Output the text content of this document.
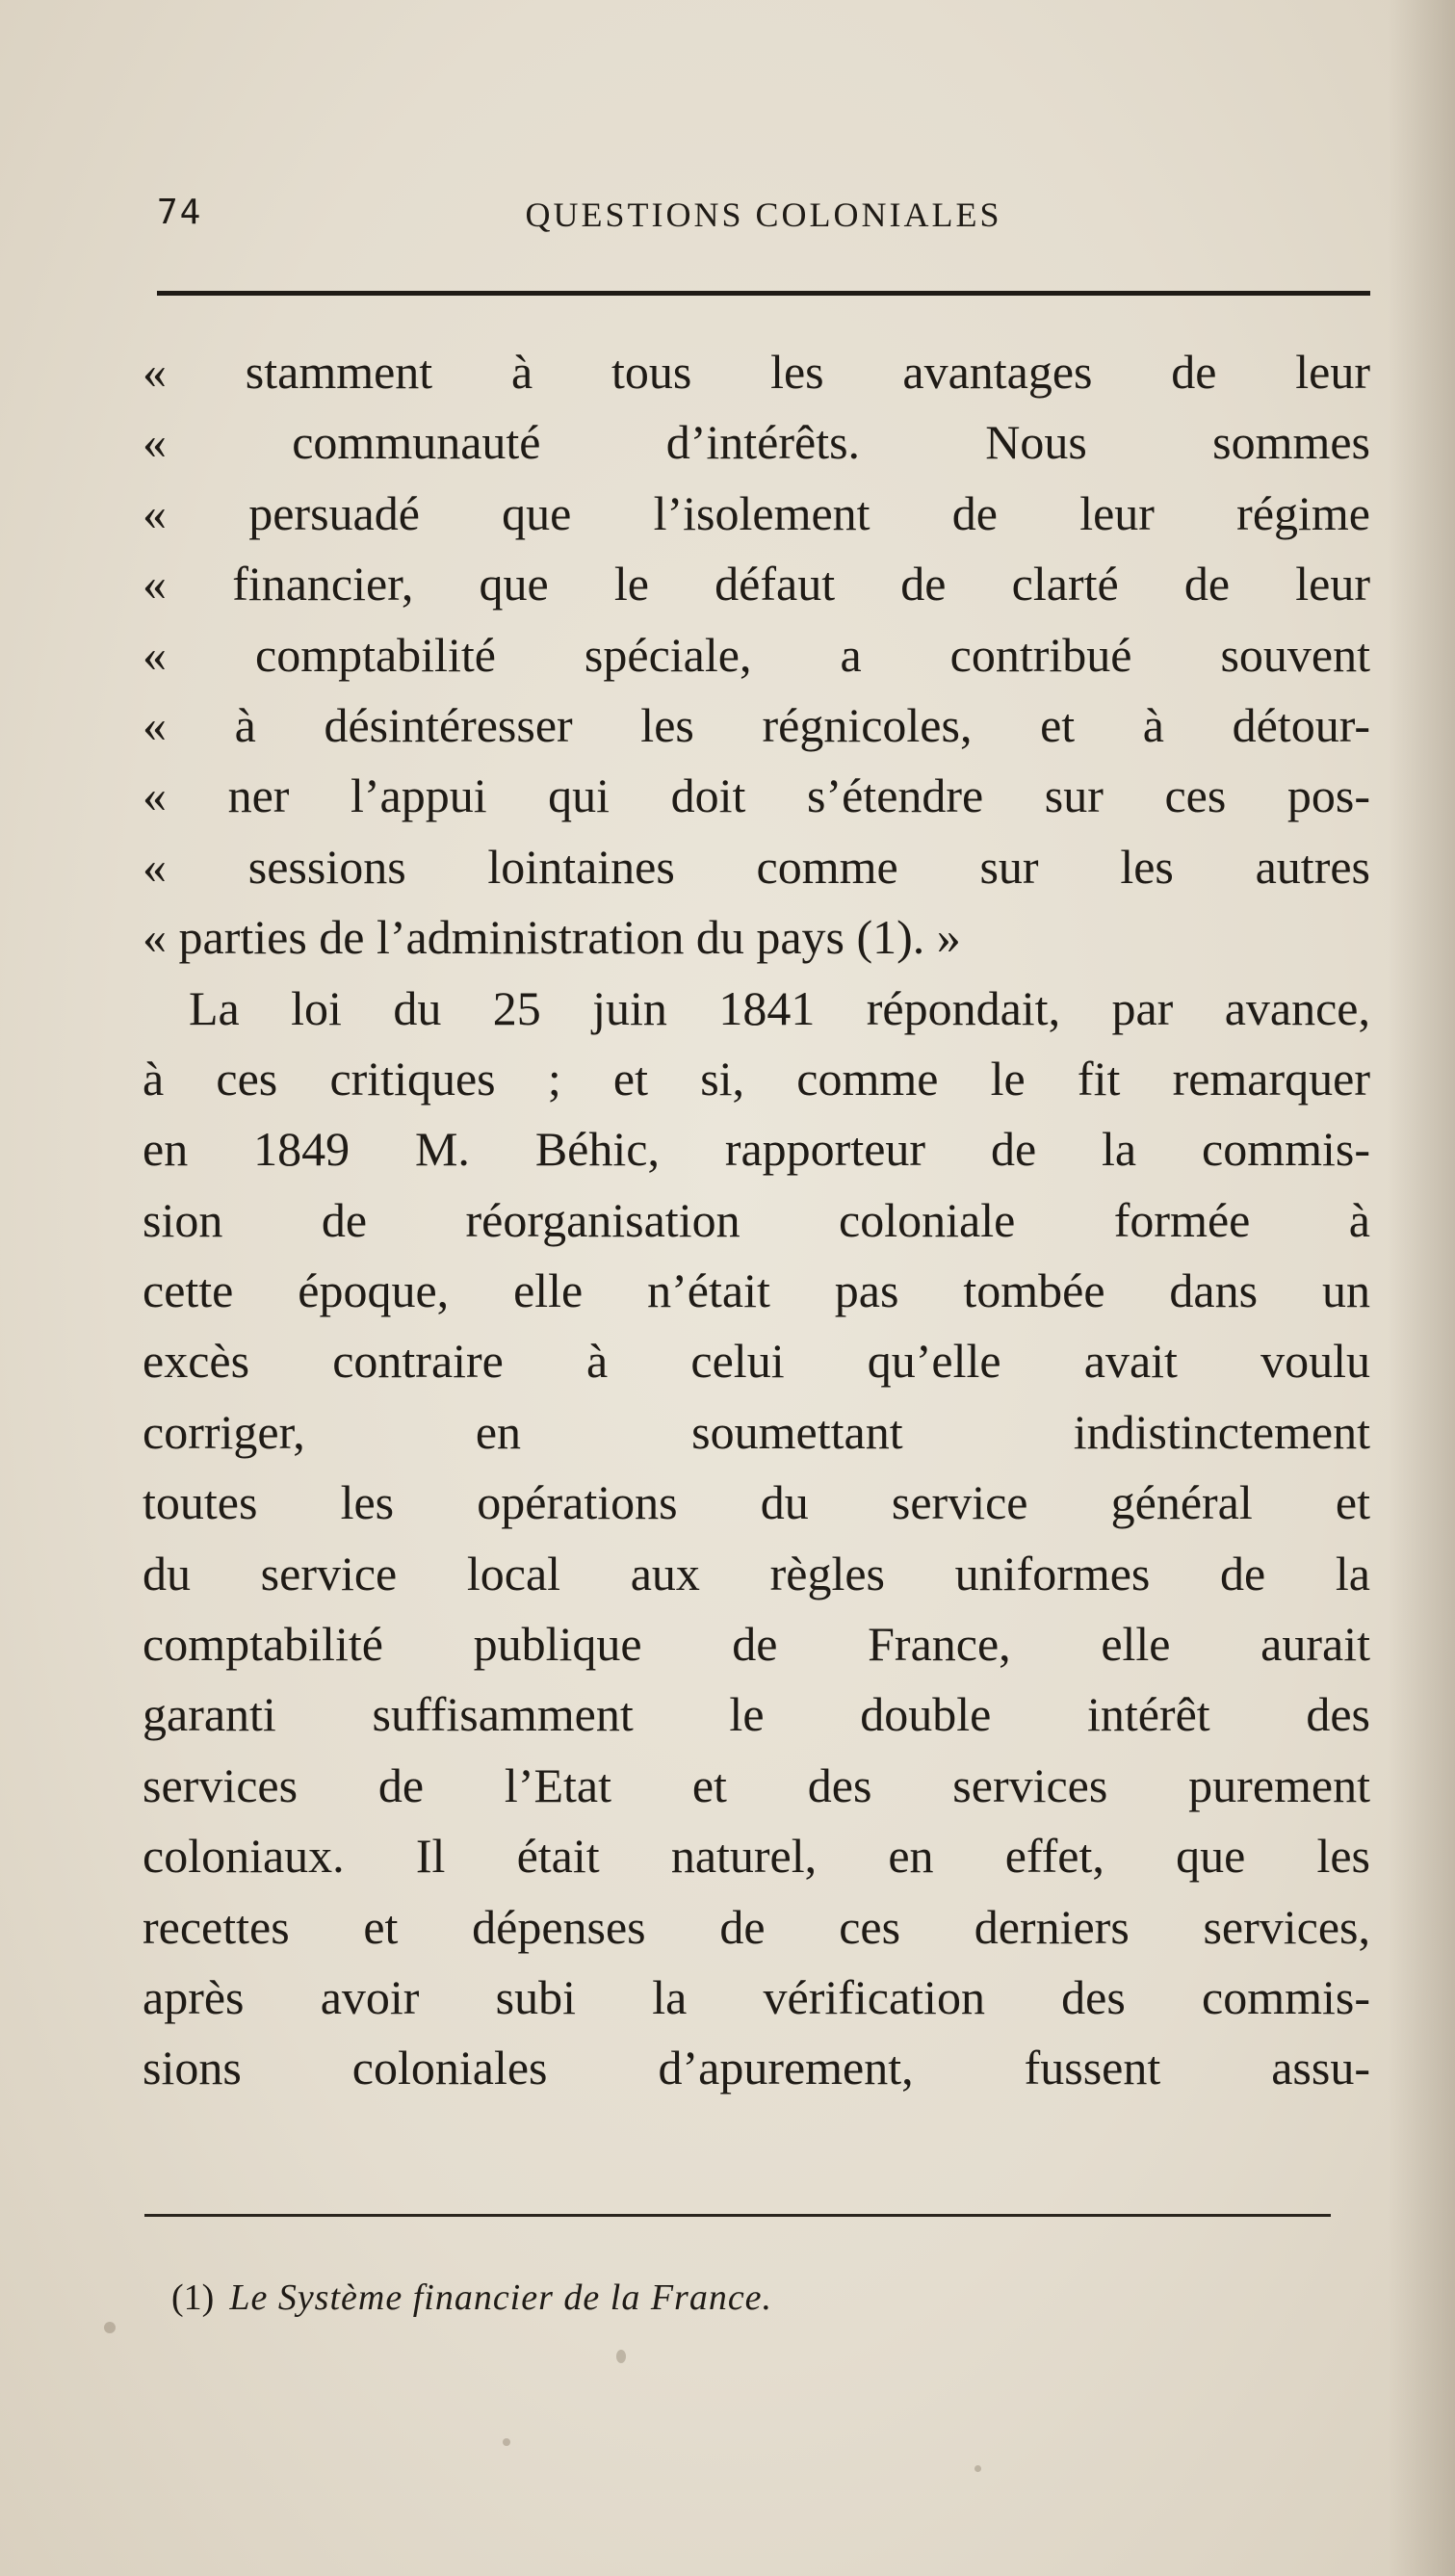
74	QUESTIONS COLONIALES
« stamment à tous les avantages de leur
« communauté d’intérêts. Nous sommes
« persuadé que l’isolement de leur régime
« financier, que le défaut de clarté de leur
« comptabilité spéciale, a contribué souvent
« à désintéresser les régnicoles, et à détour-
« ner l’appui qui doit s’étendre sur ces pos-
« sessions lointaines comme sur les autres
« parties de l’administration du pays (1). »
La loi du 25 juin 1841 répondait, par avance,
à ces critiques ; et si, comme le fit remarquer
en 1849 M. Béhic, rapporteur de la commis-
sion de réorganisation coloniale formée à
cette époque, elle n’était pas tombée dans un
excès contraire à celui qu’elle avait voulu
corriger, en soumettant indistinctement
toutes les opérations du service général et
du service local aux règles uniformes de la
comptabilité publique de France, elle aurait
garanti suffisamment le double intérêt des
services de l’Etat et des services purement
coloniaux. Il était naturel, en effet, que les
recettes et dépenses de ces derniers services,
après avoir subi la vérification des commis-
sions coloniales d’apurement, fussent assu-
(1) Le Système financier de la France.
